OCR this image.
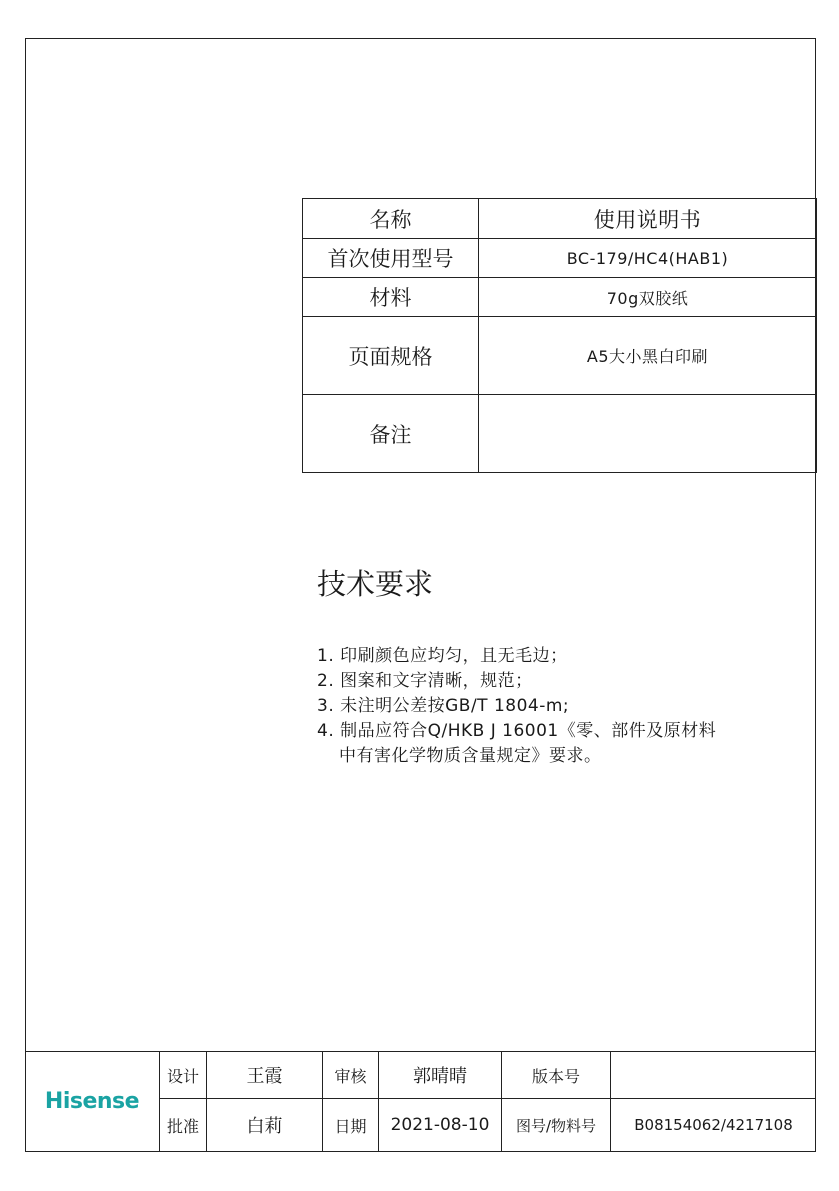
名称	使用说明书
首次使用型号	BC-179/HC4(HAB1)
材料	70g双胶纸
页面规格	A5大小黑白印刷
备注	
技术要求
1. 印刷颜色应均匀，且无毛边；
2. 图案和文字清晰，规范；
3. 未注明公差按GB/T 1804-m;
4. 制品应符合Q/HKB J 16001《零、部件及原材料
中有害化学物质含量规定》要求。
Hisense	设计	王霞	审核	郭晴晴	版本号	
	批准	白莉	日期	2021-08-10	图号/物料号	B08154062/4217108
